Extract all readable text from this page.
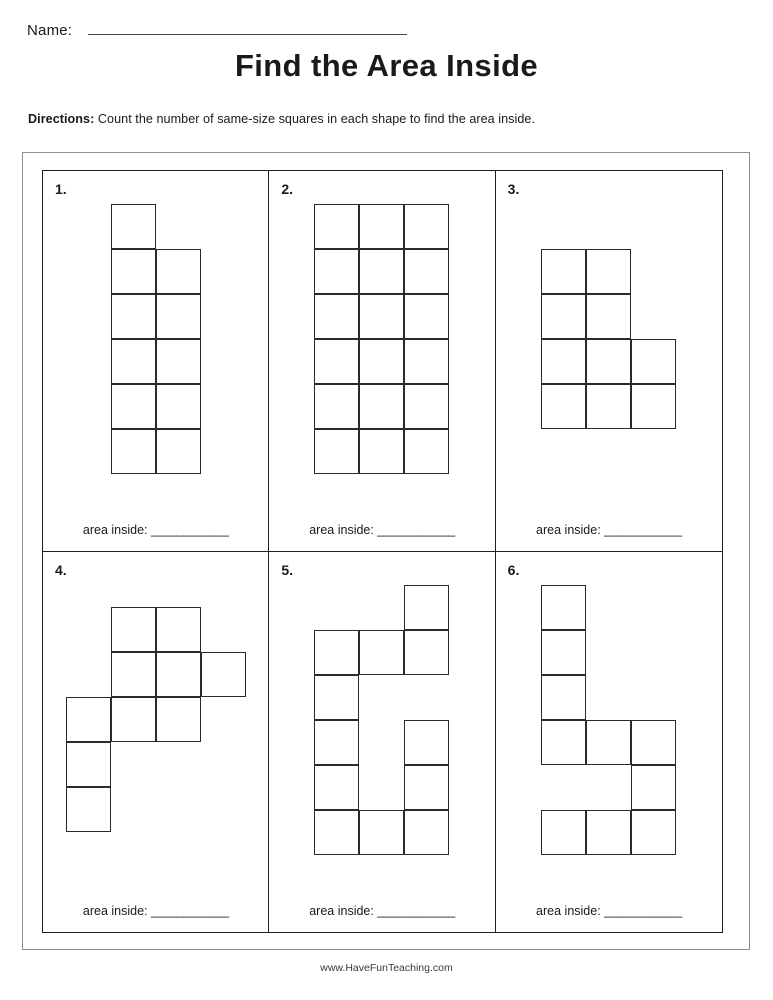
Name:
Find the Area Inside
Directions: Count the number of same-size squares in each shape to find the area inside.
1.
area inside: ____________
2.
area inside: ____________
3.
area inside: ____________
4.
area inside: ____________
5.
area inside: ____________
6.
area inside: ____________
www.HaveFunTeaching.com
